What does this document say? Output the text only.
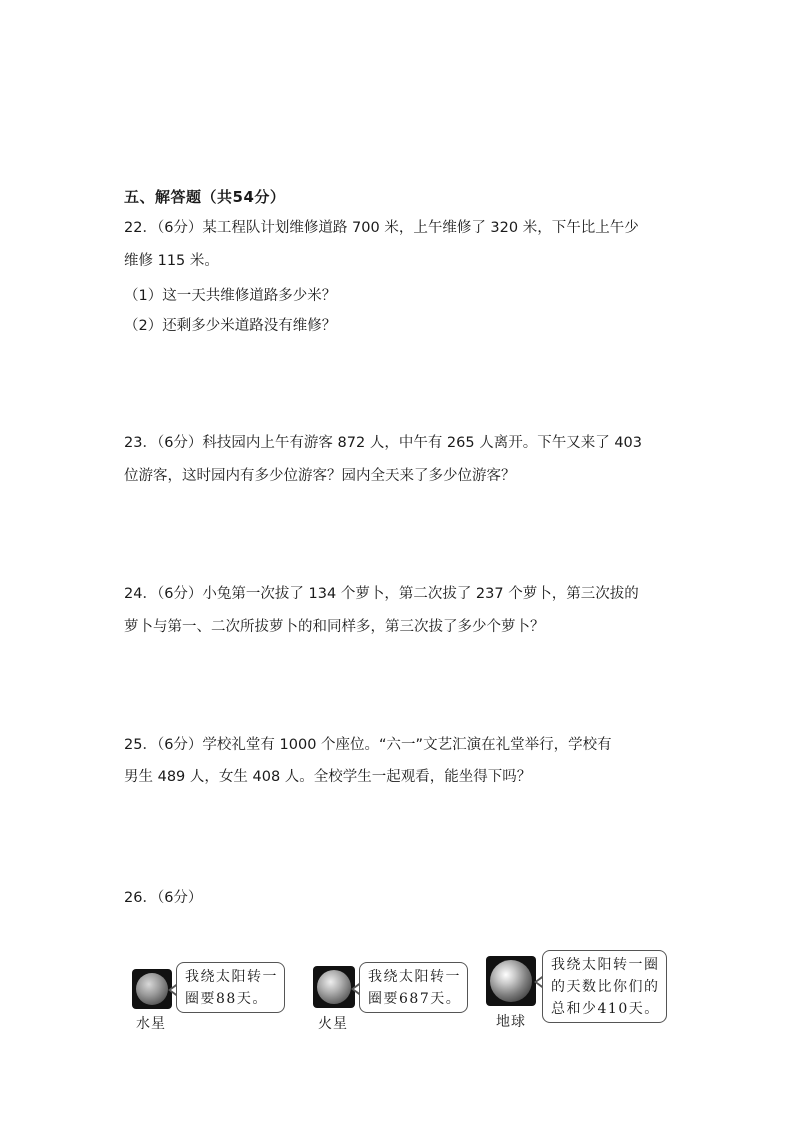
五、解答题（共54分）
22．（6分）某工程队计划维修道路 700 米，上午维修了 320 米，下午比上午少
维修 115 米。
（1）这一天共维修道路多少米？
（2）还剩多少米道路没有维修？
23．（6分）科技园内上午有游客 872 人，中午有 265 人离开。下午又来了 403
位游客，这时园内有多少位游客？园内全天来了多少位游客？
24．（6分）小兔第一次拔了 134 个萝卜，第二次拔了 237 个萝卜，第三次拔的
萝卜与第一、二次所拔萝卜的和同样多，第三次拔了多少个萝卜？
25．（6分）学校礼堂有 1000 个座位。“六一”文艺汇演在礼堂举行，学校有
男生 489 人，女生 408 人。全校学生一起观看，能坐得下吗？
26．（6分）
水星
我绕太阳转一
圈要88天。
火星
我绕太阳转一
圈要687天。
地球
我绕太阳转一圈
的天数比你们的
总和少410天。
